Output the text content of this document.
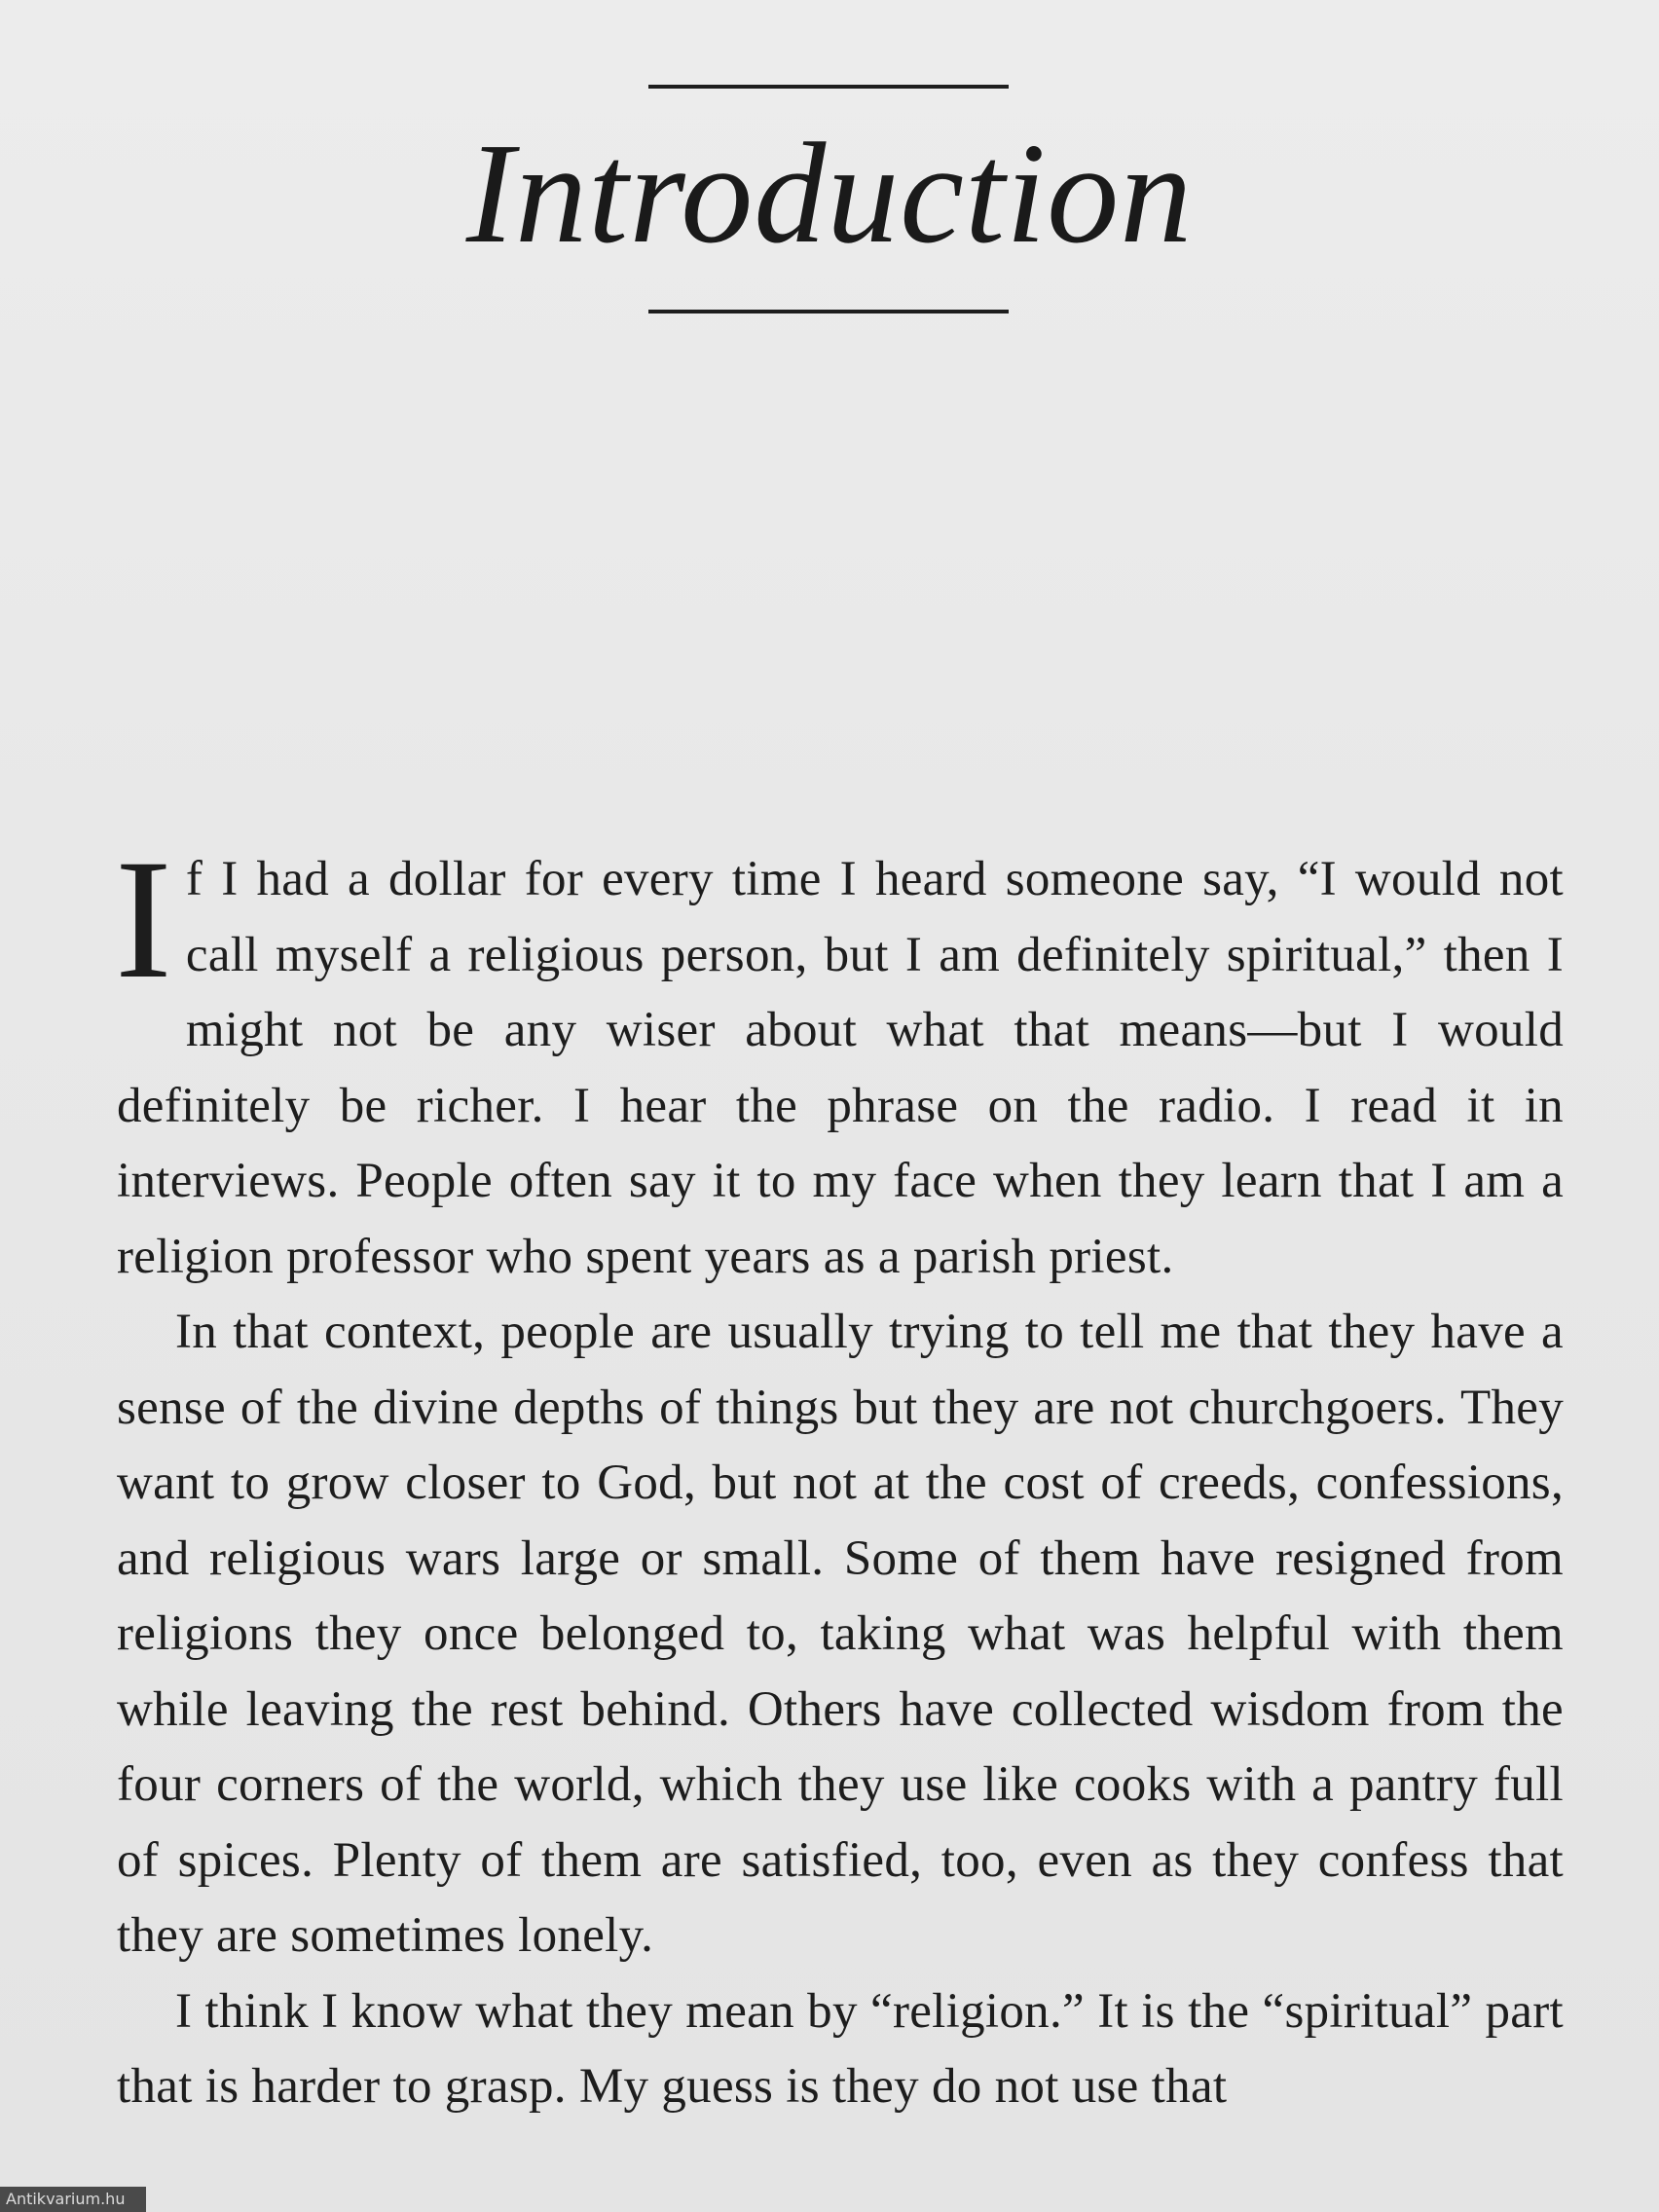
Introduction

If I had a dollar for every time I heard someone say, “I would not call myself a religious person, but I am definitely spiritual,” then I might not be any wiser about what that means—but I would definitely be richer. I hear the phrase on the radio. I read it in interviews. People often say it to my face when they learn that I am a religion professor who spent years as a parish priest.

In that context, people are usually trying to tell me that they have a sense of the divine depths of things but they are not churchgoers. They want to grow closer to God, but not at the cost of creeds, confessions, and religious wars large or small. Some of them have resigned from religions they once belonged to, taking what was helpful with them while leaving the rest behind. Others have collected wisdom from the four corners of the world, which they use like cooks with a pantry full of spices. Plenty of them are satisfied, too, even as they confess that they are sometimes lonely.

I think I know what they mean by “religion.” It is the “spiritual” part that is harder to grasp. My guess is they do not use that

Antikvarium.hu
